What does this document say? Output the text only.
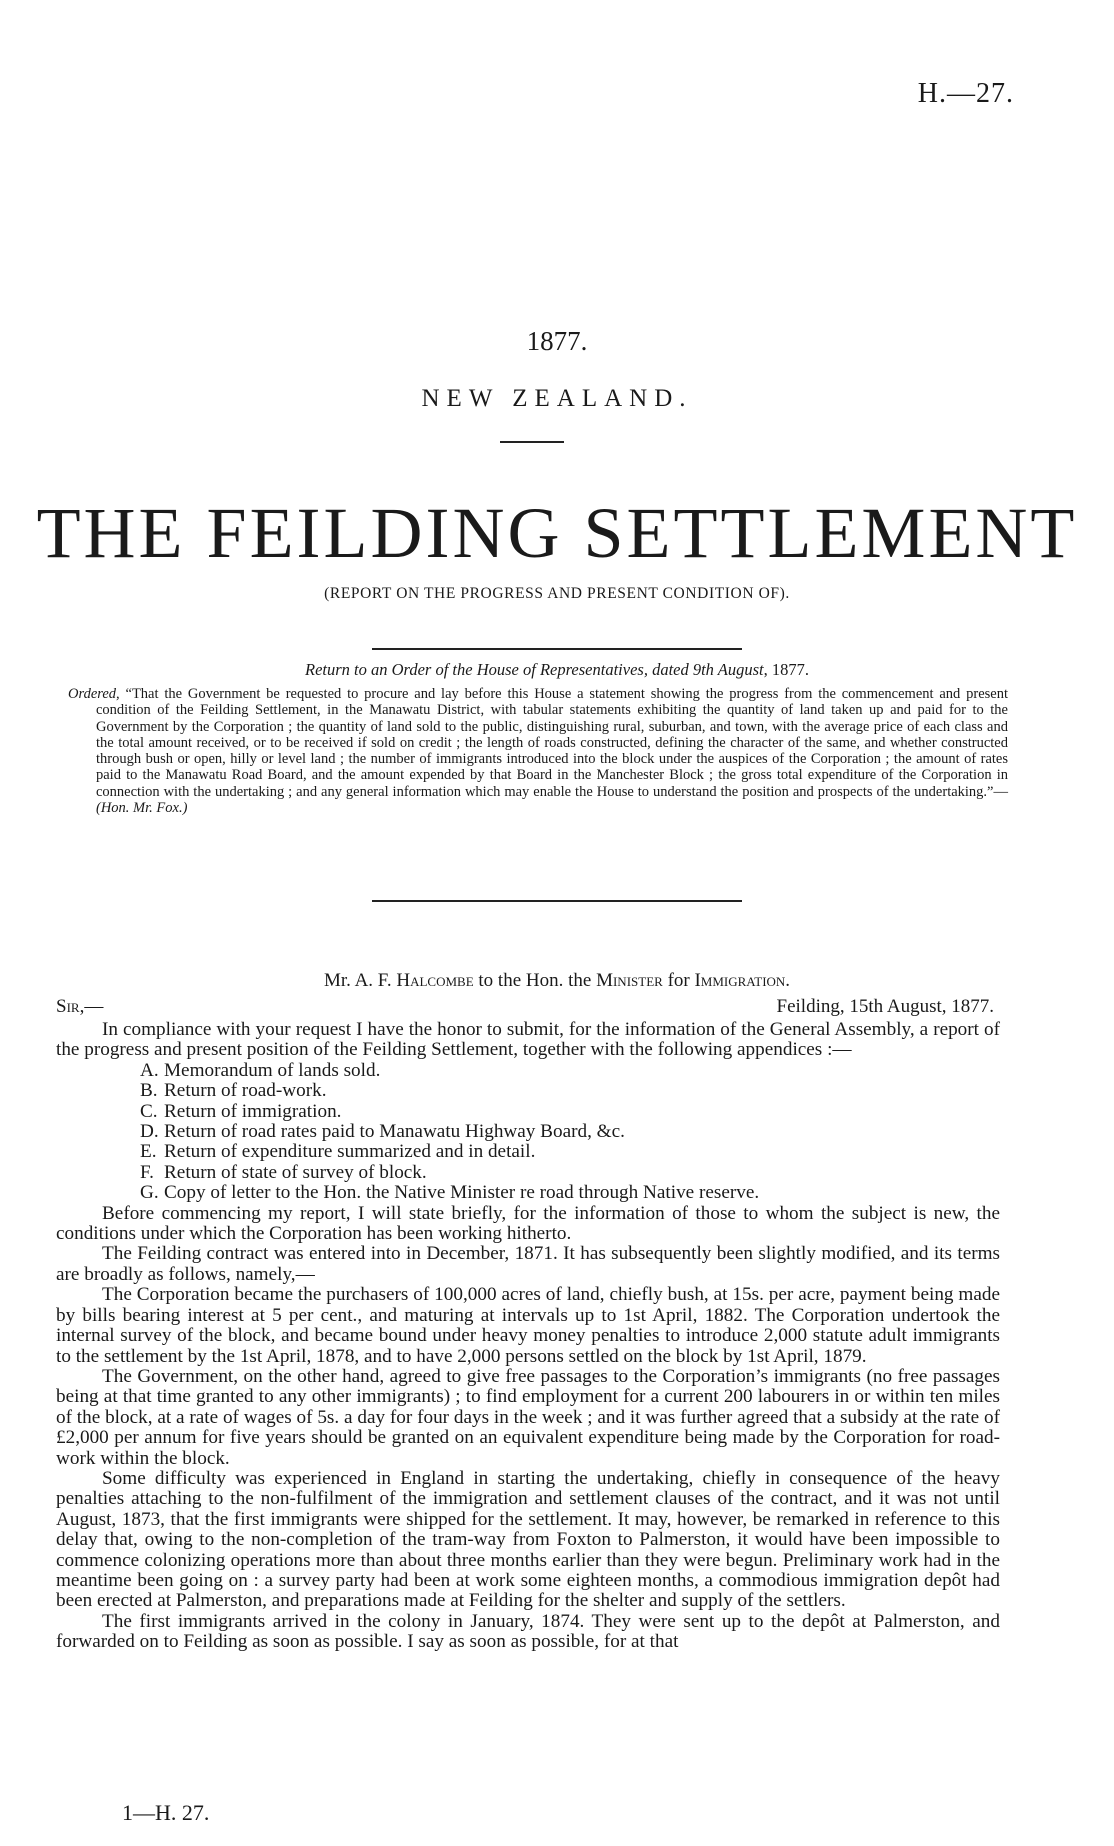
H.—27.
1877.
NEW ZEALAND.
THE FEILDING SETTLEMENT
(REPORT ON THE PROGRESS AND PRESENT CONDITION OF).
Return to an Order of the House of Representatives, dated 9th August, 1877.
Ordered, “That the Government be requested to procure and lay before this House a statement showing the progress from the commencement and present condition of the Feilding Settlement, in the Manawatu District, with tabular statements exhibiting the quantity of land taken up and paid for to the Government by the Corporation ; the quantity of land sold to the public, distinguishing rural, suburban, and town, with the average price of each class and the total amount received, or to be received if sold on credit ; the length of roads constructed, defining the character of the same, and whether constructed through bush or open, hilly or level land ; the number of immigrants introduced into the block under the auspices of the Corporation ; the amount of rates paid to the Manawatu Road Board, and the amount expended by that Board in the Manchester Block ; the gross total expenditure of the Corporation in connection with the undertaking ; and any general information which may enable the House to understand the position and prospects of the undertaking.”—(Hon. Mr. Fox.)
Mr. A. F. Halcombe to the Hon. the Minister for Immigration.
Sir,—	Feilding, 15th August, 1877.

In compliance with your request I have the honor to submit, for the information of the General Assembly, a report of the progress and present position of the Feilding Settlement, together with the following appendices :—

A. Memorandum of lands sold.
B. Return of road-work.
C. Return of immigration.
D. Return of road rates paid to Manawatu Highway Board, &c.
E. Return of expenditure summarized and in detail.
F. Return of state of survey of block.
G. Copy of letter to the Hon. the Native Minister re road through Native reserve.

Before commencing my report, I will state briefly, for the information of those to whom the subject is new, the conditions under which the Corporation has been working hitherto.

The Feilding contract was entered into in December, 1871. It has subsequently been slightly modified, and its terms are broadly as follows, namely,—

The Corporation became the purchasers of 100,000 acres of land, chiefly bush, at 15s. per acre, payment being made by bills bearing interest at 5 per cent., and maturing at intervals up to 1st April, 1882. The Corporation undertook the internal survey of the block, and became bound under heavy money penalties to introduce 2,000 statute adult immigrants to the settlement by the 1st April, 1878, and to have 2,000 persons settled on the block by 1st April, 1879.

The Government, on the other hand, agreed to give free passages to the Corporation’s immigrants (no free passages being at that time granted to any other immigrants) ; to find employment for a current 200 labourers in or within ten miles of the block, at a rate of wages of 5s. a day for four days in the week ; and it was further agreed that a subsidy at the rate of £2,000 per annum for five years should be granted on an equivalent expenditure being made by the Corporation for road-work within the block.

Some difficulty was experienced in England in starting the undertaking, chiefly in consequence of the heavy penalties attaching to the non-fulfilment of the immigration and settlement clauses of the contract, and it was not until August, 1873, that the first immigrants were shipped for the settlement. It may, however, be remarked in reference to this delay that, owing to the non-completion of the tram-way from Foxton to Palmerston, it would have been impossible to commence colonizing operations more than about three months earlier than they were begun. Preliminary work had in the meantime been going on : a survey party had been at work some eighteen months, a commodious immigration depôt had been erected at Palmerston, and preparations made at Feilding for the shelter and supply of the settlers.

The first immigrants arrived in the colony in January, 1874. They were sent up to the depôt at Palmerston, and forwarded on to Feilding as soon as possible. I say as soon as possible, for at that

1—H. 27.
